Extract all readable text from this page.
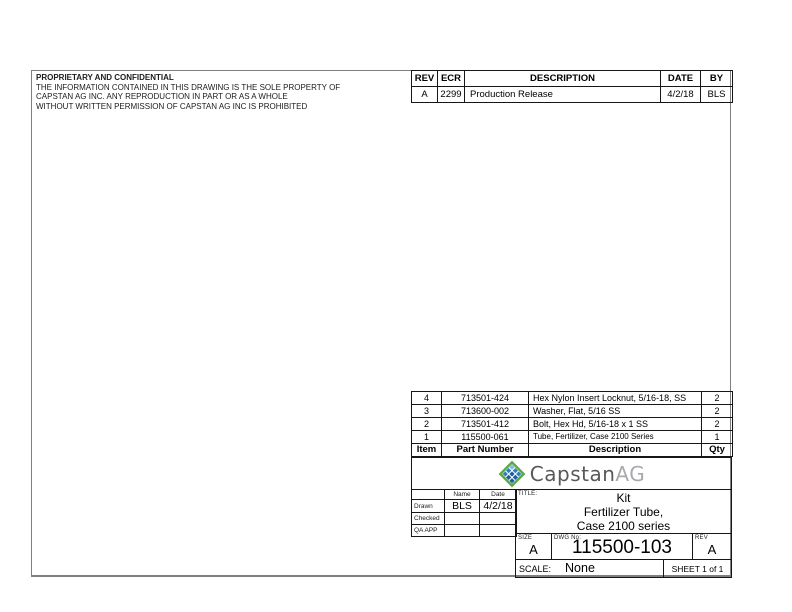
PROPRIETARY AND CONFIDENTIAL
THE INFORMATION CONTAINED IN THIS DRAWING IS THE SOLE PROPERTY OF
CAPSTAN AG INC. ANY REPRODUCTION IN PART OR AS A WHOLE
WITHOUT WRITTEN PERMISSION OF CAPSTAN AG INC IS PROHIBITED
REV	ECR	DESCRIPTION	DATE	BY
A	2299	Production Release	4/2/18	BLS
4	713501-424	Hex Nylon Insert Locknut, 5/16-18, SS	2
3	713600-002	Washer, Flat, 5/16 SS	2
2	713501-412	Bolt, Hex Hd, 5/16-18 x 1 SS	2
1	115500-061	Tube, Fertilizer, Case 2100 Series	1
Item	Part Number	Description	Qty
Capstan AG
	Name	Date
Drawn	BLS	4/2/18
Checked		
QA APP		
TITLE:	Kit
Fertilizer Tube,
Case 2100 series
SIZE
A
DWG No:
115500-103	REV
A
SCALE: None	SHEET 1 of 1
